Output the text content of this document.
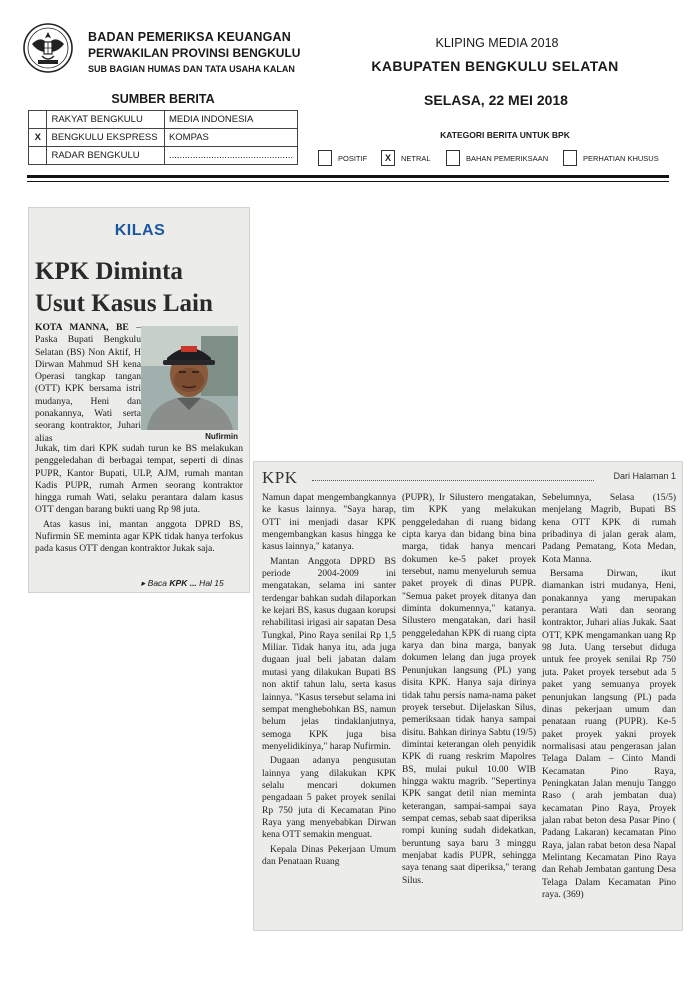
BADAN PEMERIKSA KEUANGAN
PERWAKILAN PROVINSI BENGKULU
SUB BAGIAN HUMAS DAN TATA USAHA KALAN
KLIPING MEDIA 2018
KABUPATEN BENGKULU SELATAN
SUMBER BERITA	SELASA, 22 MEI 2018
	RAKYAT BENGKULU	MEDIA INDONESIA
X	BENGKULU EKSPRESS	KOMPAS
	RADAR BENGKULU	...............................................
KATEGORI BERITA UNTUK BPK
POSITIF	X	NETRAL	BAHAN PEMERIKSAAN	PERHATIAN KHUSUS
KILAS
KPK Diminta
Usut Kasus Lain
KOTA MANNA, BE – Paska Bupati Bengkulu Selatan (BS) Non Aktif, H Dirwan Mahmud SH kena Operasi tangkap tangan (OTT) KPK bersama istri mudanya, Heni dan ponakannya, Wati serta seorang kontraktor, Juhari alias	Nufirmin

Jukak, tim dari KPK sudah turun ke BS melakukan penggeledahan di berbagai tempat, seperti di dinas PUPR, Kantor Bupati, ULP, AJM, rumah mantan Kadis PUPR, rumah Armen seorang kontraktor hingga rumah Wati, selaku perantara dalam kasus OTT dengan barang bukti uang Rp 98 juta.

Atas kasus ini, mantan anggota DPRD BS, Nufirmin SE meminta agar KPK tidak hanya terfokus pada kasus OTT dengan kontraktor Jukak saja.

▸ Baca KPK ... Hal 15
KPK	Dari Halaman 1

Namun dapat mengembangkannya ke kasus lainnya. "Saya harap, OTT ini menjadi dasar KPK mengembangkan kasus hingga ke kasus lainnya," katanya.

Mantan Anggota DPRD BS periode 2004-2009 ini mengatakan, selama ini santer terdengar bahkan sudah dilaporkan ke kejari BS, kasus dugaan korupsi rehabilitasi irigasi air sapatan Desa Tungkal, Pino Raya senilai Rp 1,5 Miliar. Tidak hanya itu, ada juga dugaan jual beli jabatan dalam mutasi yang dilakukan Bupati BS non aktif tahun lalu, serta kasus lainnya. "Kasus tersebut selama ini sempat menghebohkan BS, namun belum jelas tindaklanjutnya, semoga KPK juga bisa menyelidikinya," harap Nufirmin.

Dugaan adanya pengusutan lainnya yang dilakukan KPK selalu mencari dokumen pengadaan 5 paket proyek senilai Rp 750 juta di Kecamatan Pino Raya yang menyebabkan Dirwan kena OTT semakin menguat.

Kepala Dinas Pekerjaan Umum dan Penataan Ruang

(PUPR), Ir Silustero mengatakan, tim KPK yang melakukan penggeledahan di ruang bidang cipta karya dan bidang bina bina marga, tidak hanya mencari dokumen ke-5 paket proyek tersebut, namu menyeluruh semua paket proyek di dinas PUPR. "Semua paket proyek ditanya dan diminta dokumennya," katanya. Silustero mengatakan, dari hasil penggeledahan KPK di ruang cipta karya dan bina marga, banyak dokumen lelang dan juga proyek Penunjukan langsung (PL) yang disita KPK. Hanya saja dirinya tidak tahu persis nama-nama paket proyek tersebut. Dijelaskan Silus, pemeriksaan tidak hanya sampai disitu. Bahkan dirinya Sabtu (19/5) dimintai keterangan oleh penyidik KPK di ruang reskrim Mapolres BS, mulai pukul 10.00 WIB hingga waktu magrib. "Sepertinya KPK sangat detil nian meminta keterangan, sampai-sampai saya sempat cemas, sebab saat diperiksa rompi kuning sudah didekatkan, beruntung saya baru 3 minggu menjabat kadis PUPR, sehingga saya tenang saat diperiksa," terang Silus.

Sebelumnya, Selasa (15/5) menjelang Magrib, Bupati BS kena OTT KPK di rumah pribadinya di jalan gerak alam, Padang Pematang, Kota Medan, Kota Manna.

Bersama Dirwan, ikut diamankan istri mudanya, Heni, ponakannya yang merupakan perantara Wati dan seorang kontraktor, Juhari alias Jukak. Saat OTT, KPK mengamankan uang Rp 98 Juta. Uang tersebut diduga untuk fee proyek senilai Rp 750 juta. Paket proyek tersebut ada 5 paket yang semuanya proyek penunjukan langsung (PL) pada dinas pekerjaan umum dan penataan ruang (PUPR). Ke-5 paket proyek yakni proyek normalisasi atau pengerasan jalan Telaga Dalam – Cinto Mandi Kecamatan Pino Raya, Peningkatan Jalan menuju Tanggo Raso ( arah jembatan dua) kecamatan Pino Raya, Proyek jalan rabat beton desa Pasar Pino ( Padang Lakaran) kecamatan Pino Raya, jalan rabat beton desa Napal Melintang Kecamatan Pino Raya dan Rehab Jembatan gantung Desa Telaga Dalam Kecamatan Pino raya. (369)
